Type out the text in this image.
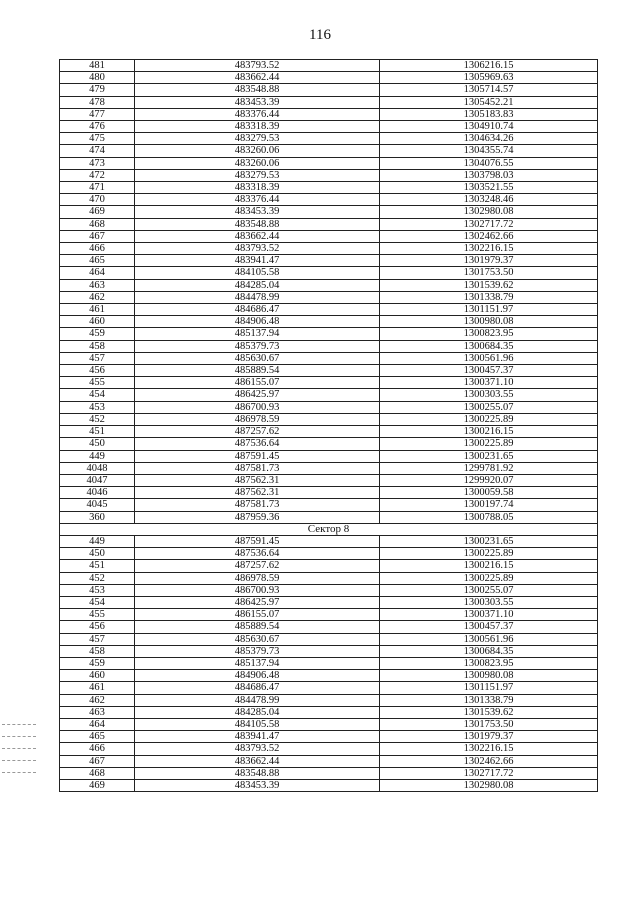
116
481	483793.52	1306216.15
480	483662.44	1305969.63
479	483548.88	1305714.57
478	483453.39	1305452.21
477	483376.44	1305183.83
476	483318.39	1304910.74
475	483279.53	1304634.26
474	483260.06	1304355.74
473	483260.06	1304076.55
472	483279.53	1303798.03
471	483318.39	1303521.55
470	483376.44	1303248.46
469	483453.39	1302980.08
468	483548.88	1302717.72
467	483662.44	1302462.66
466	483793.52	1302216.15
465	483941.47	1301979.37
464	484105.58	1301753.50
463	484285.04	1301539.62
462	484478.99	1301338.79
461	484686.47	1301151.97
460	484906.48	1300980.08
459	485137.94	1300823.95
458	485379.73	1300684.35
457	485630.67	1300561.96
456	485889.54	1300457.37
455	486155.07	1300371.10
454	486425.97	1300303.55
453	486700.93	1300255.07
452	486978.59	1300225.89
451	487257.62	1300216.15
450	487536.64	1300225.89
449	487591.45	1300231.65
4048	487581.73	1299781.92
4047	487562.31	1299920.07
4046	487562.31	1300059.58
4045	487581.73	1300197.74
360	487959.36	1300788.05
Сектор 8		
449	487591.45	1300231.65
450	487536.64	1300225.89
451	487257.62	1300216.15
452	486978.59	1300225.89
453	486700.93	1300255.07
454	486425.97	1300303.55
455	486155.07	1300371.10
456	485889.54	1300457.37
457	485630.67	1300561.96
458	485379.73	1300684.35
459	485137.94	1300823.95
460	484906.48	1300980.08
461	484686.47	1301151.97
462	484478.99	1301338.79
463	484285.04	1301539.62
464	484105.58	1301753.50
465	483941.47	1301979.37
466	483793.52	1302216.15
467	483662.44	1302462.66
468	483548.88	1302717.72
469	483453.39	1302980.08
